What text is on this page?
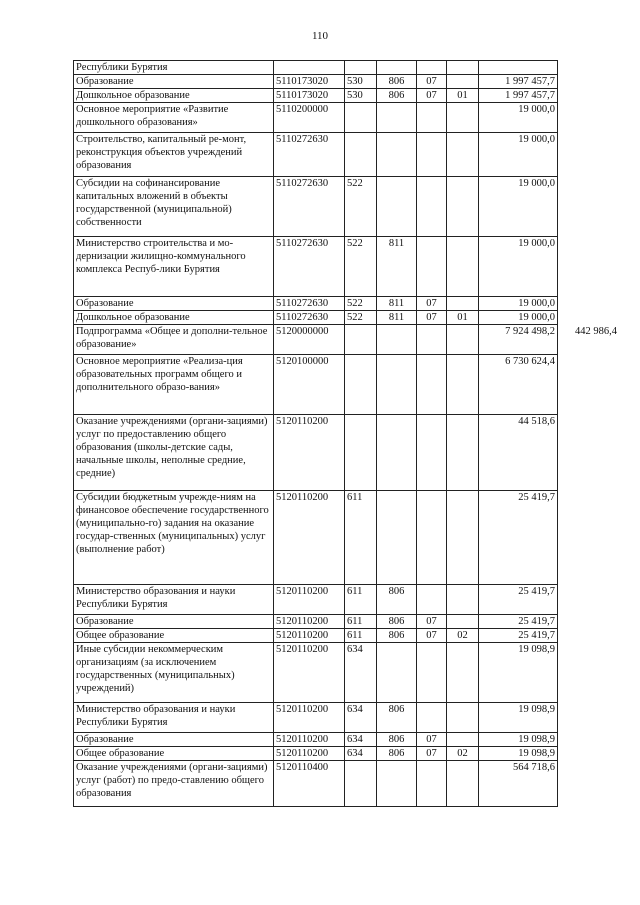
110
Республики Бурятия							
Образование	5110173020	530	806	07		1 997 457,7	
Дошкольное образование	5110173020	530	806	07	01	1 997 457,7	
Основное мероприятие «Развитие дошкольного образования»	5110200000					19 000,0	
Строительство, капитальный ре-монт, реконструкция объектов учреждений образования	5110272630					19 000,0	
Субсидии на софинансирование капитальных вложений в объекты государственной (муниципальной) собственности	5110272630	522				19 000,0	
Министерство строительства и мо-дернизации жилищно-коммунального комплекса Респуб-лики Бурятия	5110272630	522	811			19 000,0	
Образование	5110272630	522	811	07		19 000,0	
Дошкольное образование	5110272630	522	811	07	01	19 000,0	
Подпрограмма «Общее и дополни-тельное образование»	5120000000					7 924 498,2	442 986,4
Основное мероприятие «Реализа-ция образовательных программ общего и дополнительного образо-вания»	5120100000					6 730 624,4	
Оказание учреждениями (органи-зациями) услуг по предоставлению общего образования (школы-детские сады, начальные школы, неполные средние, средние)	5120110200					44 518,6	
Субсидии бюджетным учрежде-ниям на финансовое обеспечение государственного (муниципально-го) задания на оказание государ-ственных (муниципальных) услуг (выполнение работ)	5120110200	611				25 419,7	
Министерство образования и науки Республики Бурятия	5120110200	611	806			25 419,7	
Образование	5120110200	611	806	07		25 419,7	
Общее образование	5120110200	611	806	07	02	25 419,7	
Иные субсидии некоммерческим организациям (за исключением государственных (муниципальных) учреждений)	5120110200	634				19 098,9	
Министерство образования и науки Республики Бурятия	5120110200	634	806			19 098,9	
Образование	5120110200	634	806	07		19 098,9	
Общее образование	5120110200	634	806	07	02	19 098,9	
Оказание учреждениями (органи-зациями) услуг (работ) по предо-ставлению общего образования	5120110400					564 718,6	
